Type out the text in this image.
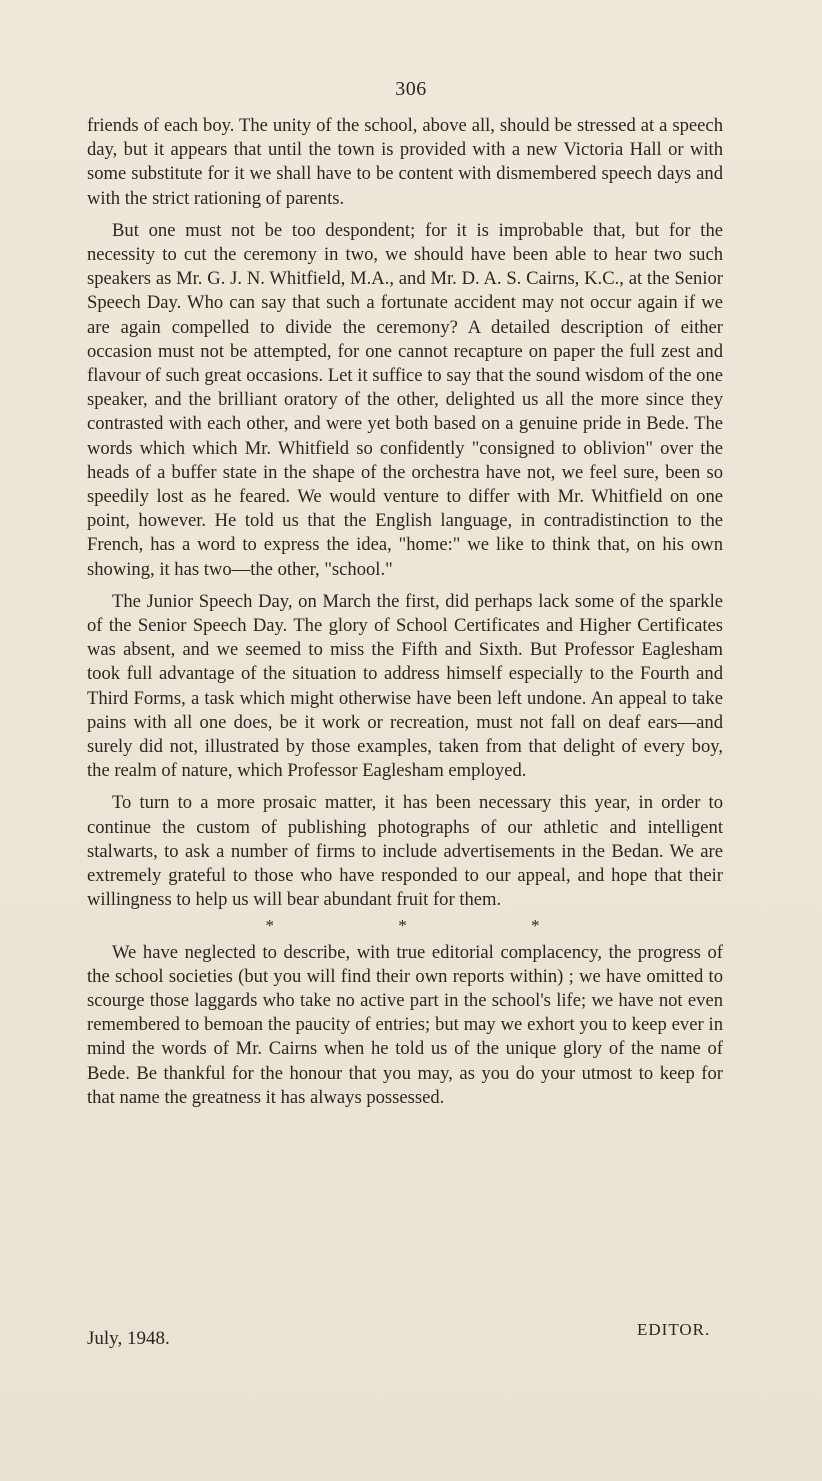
306

friends of each boy. The unity of the school, above all, should be stressed at a speech day, but it appears that until the town is provided with a new Victoria Hall or with some substitute for it we shall have to be content with dismembered speech days and with the strict rationing of parents.

But one must not be too despondent; for it is improbable that, but for the necessity to cut the ceremony in two, we should have been able to hear two such speakers as Mr. G. J. N. Whitfield, M.A., and Mr. D. A. S. Cairns, K.C., at the Senior Speech Day. Who can say that such a fortunate accident may not occur again if we are again compelled to divide the ceremony? A detailed description of either occasion must not be attempted, for one cannot recapture on paper the full zest and flavour of such great occasions. Let it suffice to say that the sound wisdom of the one speaker, and the brilliant oratory of the other, delighted us all the more since they contrasted with each other, and were yet both based on a genuine pride in Bede. The words which which Mr. Whitfield so confidently "consigned to oblivion" over the heads of a buffer state in the shape of the orchestra have not, we feel sure, been so speedily lost as he feared. We would venture to differ with Mr. Whitfield on one point, however. He told us that the English language, in contradistinction to the French, has a word to express the idea, "home:" we like to think that, on his own showing, it has two—the other, "school."

The Junior Speech Day, on March the first, did perhaps lack some of the sparkle of the Senior Speech Day. The glory of School Certificates and Higher Certificates was absent, and we seemed to miss the Fifth and Sixth. But Professor Eaglesham took full advantage of the situation to address himself especially to the Fourth and Third Forms, a task which might otherwise have been left undone. An appeal to take pains with all one does, be it work or recreation, must not fall on deaf ears—and surely did not, illustrated by those examples, taken from that delight of every boy, the realm of nature, which Professor Eaglesham employed.

To turn to a more prosaic matter, it has been necessary this year, in order to continue the custom of publishing photographs of our athletic and intelligent stalwarts, to ask a number of firms to include advertisements in the Bedan. We are extremely grateful to those who have responded to our appeal, and hope that their willingness to help us will bear abundant fruit for them.

* * *

We have neglected to describe, with true editorial complacency, the progress of the school societies (but you will find their own reports within) ; we have omitted to scourge those laggards who take no active part in the school's life; we have not even remembered to bemoan the paucity of entries; but may we exhort you to keep ever in mind the words of Mr. Cairns when he told us of the unique glory of the name of Bede. Be thankful for the honour that you may, as you do your utmost to keep for that name the greatness it has always possessed.

July, 1948.	EDITOR.
